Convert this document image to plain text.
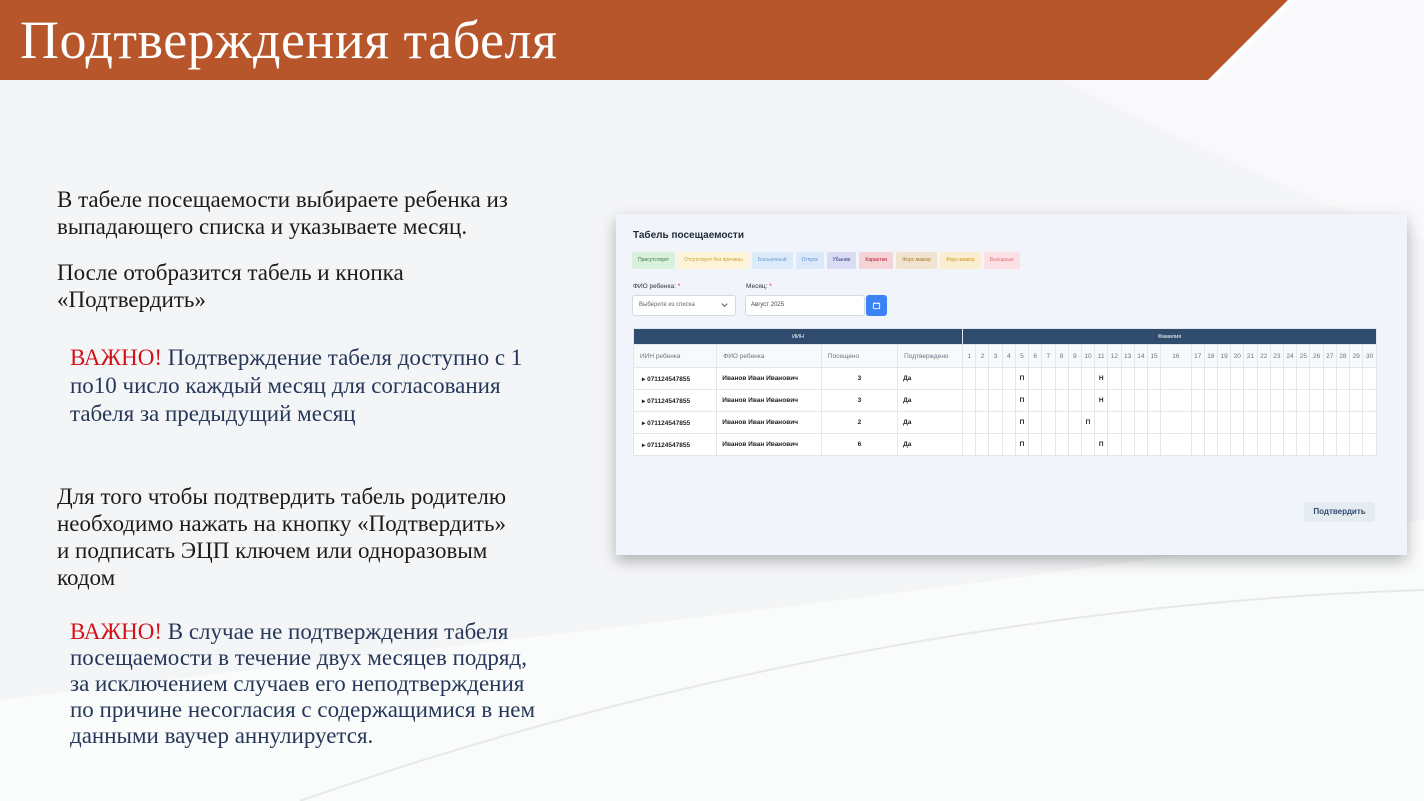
Подтверждения табеля
В табеле посещаемости выбираете ребенка из
выпадающего списка и указываете месяц.
После отобразится табель и кнопка
«Подтвердить»
ВАЖНО! Подтверждение табеля доступно с 1
по10 число каждый месяц для согласования
табеля за предыдущий месяц
Для того чтобы подтвердить табель родителю
необходимо нажать на кнопку «Подтвердить»
и подписать ЭЦП ключем или одноразовым
кодом
ВАЖНО! В случае не подтверждения табеля
посещаемости в течение двух месяцев подряд,
за исключением случаев его неподтверждения
по причине несогласия с содержащимися в нем
данными ваучер аннулируется.
Табель посещаемости
Присутствует	Отсутствует без причины	Больничный	Отпуск	Убыние	Карантин	Форс-мажор	Форс-мажор	Выходные
ФИО ребенка: *
Выберите из списка
Месяц: *
Август 2025
ИИН				Фамилия																													
ИИН ребенка	ФИО ребенка	Посещено	Подтверждено	1	2	3	4	5	6	7	8	9	10	11	12	13	14	15	16	17	18	19	20	21	22	23	24	25	26	27	28	29	30
▸ 071124547855	Иванов Иван Иванович	3	Да					П						Н																			
▸ 071124547855	Иванов Иван Иванович	3	Да					П						Н																			
▸ 071124547855	Иванов Иван Иванович	2	Да					П					П																				
▸ 071124547855	Иванов Иван Иванович	6	Да					П						П																			
Подтвердить
